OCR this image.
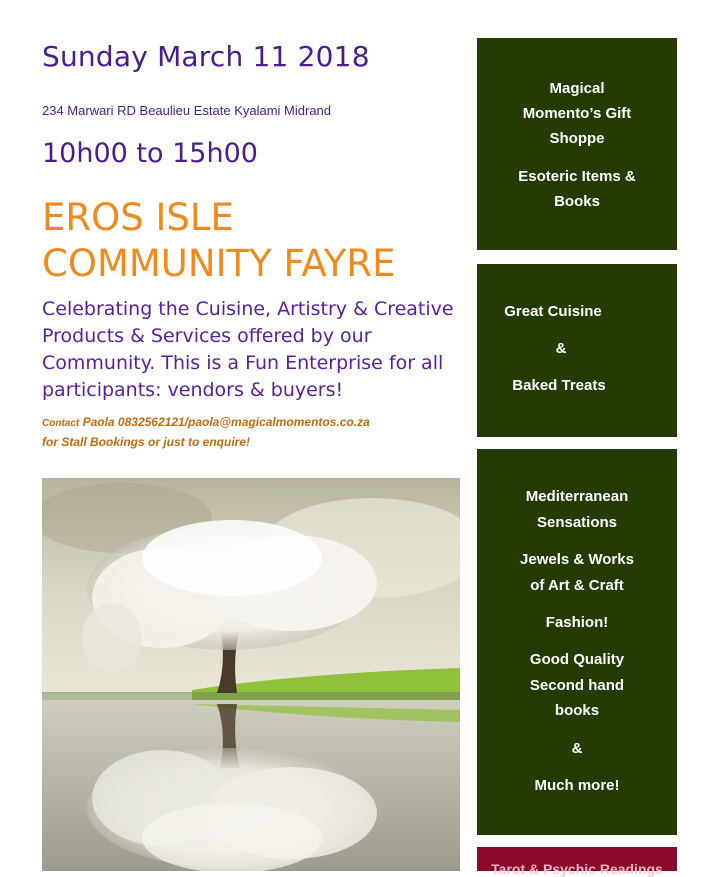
Sunday March 11 2018
234 Marwari RD Beaulieu Estate Kyalami Midrand
10h00 to 15h00
EROS ISLE
COMMUNITY FAYRE
Celebrating the Cuisine, Artistry & Creative Products & Services offered by our Community. This is a Fun Enterprise for all participants: vendors & buyers!
Contact Paola 0832562121/paola@magicalmomentos.co.za
for Stall Bookings or just to enquire!
Magical
Momento’s Gift
Shoppe
Esoteric Items &
Books
Great Cuisine
&
Baked Treats
Mediterranean
Sensations
Jewels & Works
of Art & Craft
Fashion!
Good Quality
Second hand
books
&
Much more!
Tarot & Psychic Readings
